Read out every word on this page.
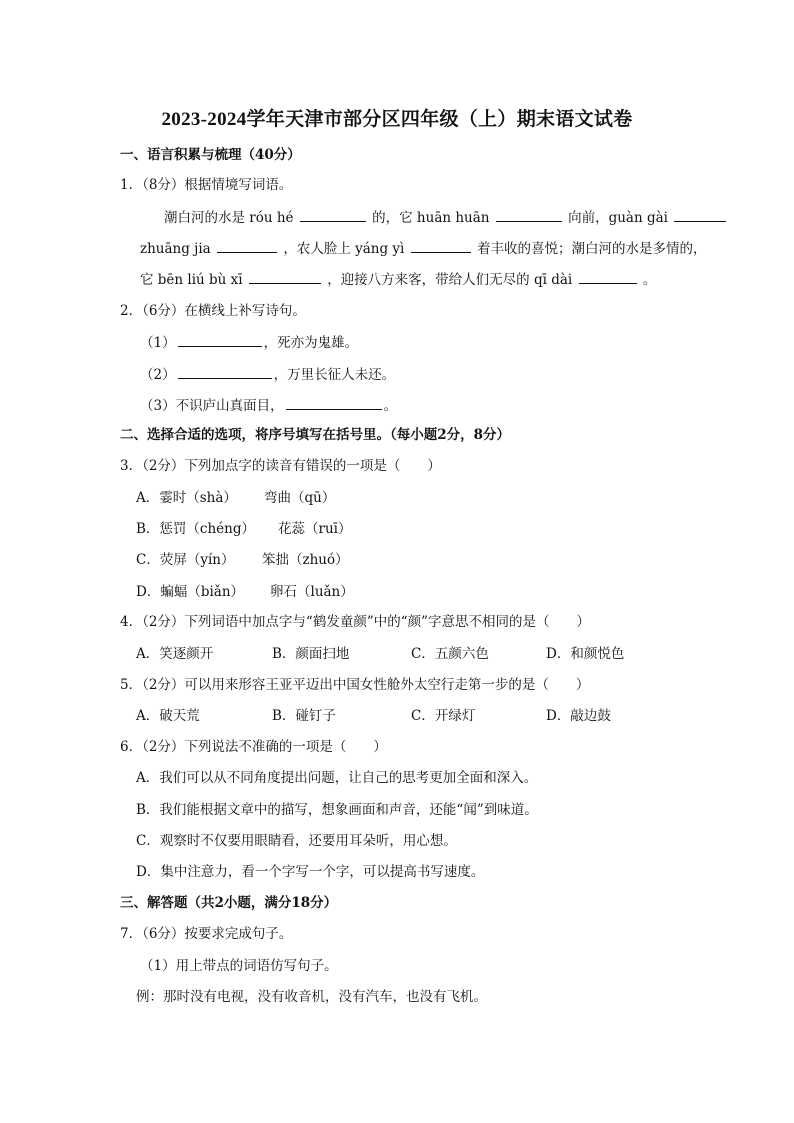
2023-2024学年天津市部分区四年级（上）期末语文试卷
一、语言积累与梳理（40分）
1．（8分）根据情境写词语。
潮白河的水是 róu hé	的，它 huān huān	向前，guàn gài
zhuāng jia	，农人脸上 yáng yì	着丰收的喜悦；潮白河的水是多情的，
它 bēn liú bù xī	，迎接八方来客，带给人们无尽的 qī dài	。
2．（6分）在横线上补写诗句。
（1）	，死亦为鬼雄。
（2）	，万里长征人未还。
（3）不识庐山真面目，	。
二、选择合适的选项，将序号填写在括号里。（每小题2分，8分）
3．（2分）下列加点字的读音有错误的一项是（　　）
A．霎时（shà） 弯曲（qū）
B．惩罚（chéng） 花蕊（ruī）
C．荧屏（yín） 笨拙（zhuó）
D．蝙蝠（biǎn） 卵石（luǎn）
4．（2分）下列词语中加点字与“鹤发童颜”中的“颜”字意思不相同的是（　　）
A．笑逐颜开	B．颜面扫地	C．五颜六色	D．和颜悦色
5．（2分）可以用来形容王亚平迈出中国女性舱外太空行走第一步的是（　　）
A．破天荒	B．碰钉子	C．开绿灯	D．敲边鼓
6．（2分）下列说法不准确的一项是（　　）
A．我们可以从不同角度提出问题，让自己的思考更加全面和深入。
B．我们能根据文章中的描写，想象画面和声音，还能“闻”到味道。
C．观察时不仅要用眼睛看，还要用耳朵听，用心想。
D．集中注意力，看一个字写一个字，可以提高书写速度。
三、解答题（共2小题，满分18分）
7．（6分）按要求完成句子。
（1）用上带点的词语仿写句子。
例：那时没有电视，没有收音机，没有汽车，也没有飞机。
